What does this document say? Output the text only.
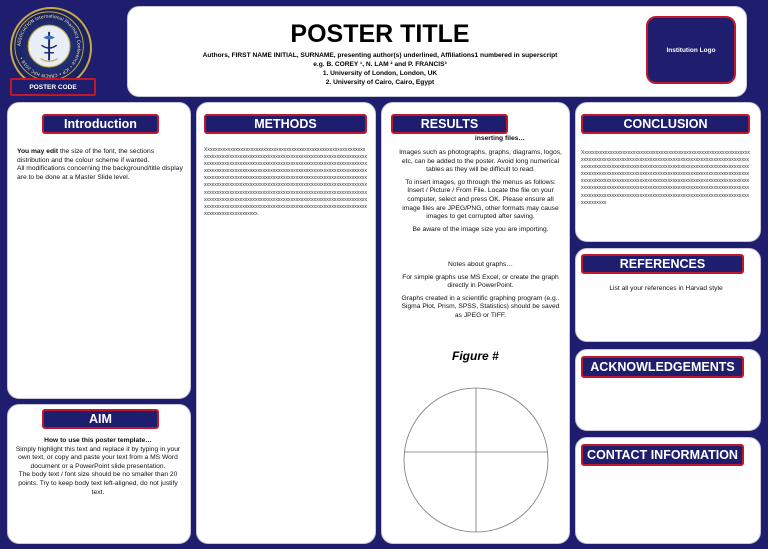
ASSOCIATION International Pharmacy Conference • ICP • CRACM HPC 2018 •
POSTER TITLE
Authors, FIRST NAME INITIAL, SURNAME, presenting author(s) underlined, Affiliations1 numbered in superscript
e.g. B. COREY ¹, N. LAM ² and P. FRANCIS³
1. University of London, London, UK
2. University of Cairo, Cairo, Egypt
Institution Logo
POSTER CODE
Introduction
You may edit the size of the font, the sections distribution and the colour scheme if wanted.
All modifications concerning the background/title display are to be done at a Master Slide level.
AIM
How to use this poster template…
Simply highlight this text and replace it by typing in your own text, or copy and paste your text from a MS Word document or a PowerPoint slide presentation.
The body text / font size should be no smaller than 20 points. Try to keep body text left-aligned, do not justify text.
METHODS
Xxxxxxxxxxxxxxxxxxxxxxxxxxxxxxxxxxxxxxxxxxxxxxxxxxxxxxxxxxxxxxxxxxxxxxxxxxxxxxxxxxxxxxxxxxxxxxxxxxxxxxxxxxxxxxxxxxxxxxxxxxxxxxxxxxxxxxxxxxxxxxxxxxxxxxxxxxxxxxxxxxxxxxxxxxxxxxxxxxxxxxxxxxxxxxxxxxxxxxxxxxxxxxxxxxxxxxxxxxxxxxxxxxxxxxxxxxxxxxxxxxxxxxxxxxxxxxxxxxxxxxxxxxxxxxxxxxxxxxxxxxxxxxxxxxxxxxxxxxxxxxxxxxxxxxxxxxxxxxxxxxxxxxxxxxxxxxxxxxxxxxxxxxxxxxxxxxxxxxxxxxxxxxxxxxxxxxxxxxxxxxxxxxxxxxxxxxxxxxxxxxxxxxxxxxxxxxxxxxxxxxxxxxxxxxxxxxxxxxxxxxxxxxxxxxxxxxxxxxxxxxxxxxxxxxxxxxxxxxxxxxxxxxxxxxxxxxxxxxxxxxxxxxxxxxxxxxxxxxxxxxxxxxxxxxxxxxxxxxxxxxxxxxxxxxxxxxxxxxxxxxxxxxxxxxxxxxxxxxxxxxxxxxxxxxxxxxxx.
RESULTS
inserting files…
Images such as photographs, graphs, diagrams, logos, etc, can be added to the poster. Avoid long numerical tables as they will be difficult to read.
To insert images, go through the menus as follows: Insert / Picture / From File. Locate the file on your computer, select and press OK. Please ensure all image files are JPEG/PNG, other formats may cause images to get corrupted after saving.
Be aware of the image size you are importing.
Notes about graphs…
For simple graphs use MS Excel, or create the graph directly in PowerPoint.
Graphs created in a scientific graphing program (e.g.. Sigma Plot, Prism, SPSS, Statistics) should be saved as JPEG or TIFF.
Figure #
CONCLUSION
Xxxxxxxxxxxxxxxxxxxxxxxxxxxxxxxxxxxxxxxxxxxxxxxxxxxxxxxxxxxxxxxxxxxxxxxxxxxxxxxxxxxxxxxxxxxxxxxxxxxxxxxxxxxxxxxxxxxxxxxxxxxxxxxxxxxxxxxxxxxxxxxxxxxxxxxxxxxxxxxxxxxxxxxxxxxxxxxxxxxxxxxxxxxxxxxxxxxxxxxxxxxxxxxxxxxxxxxxxxxxxxxxxxxxxxxxxxxxxxxxxxxxxxxxxxxxxxxxxxxxxxxxxxxxxxxxxxxxxxxxxxxxxxxxxxxxxxxxxxxxxxxxxxxxxxxxxxxxxxxxxxxxxxxxxxxxxxxxxxxxxxxxxxxxxxxxxxxxxxxxxxxxxxxxxxxxxxxxxxxxxxxxxxxxxxxxxxxxxxxxxxxxxxxxxxxxxxxxxxxxxxxxxxxxxxxxxxxxxxxxxxxxxxxxxxxxxxxxxxxxxxxxxxxxxxxx
REFERENCES
List all your references in Harvad style
ACKNOWLEDGEMENTS
CONTACT INFORMATION
